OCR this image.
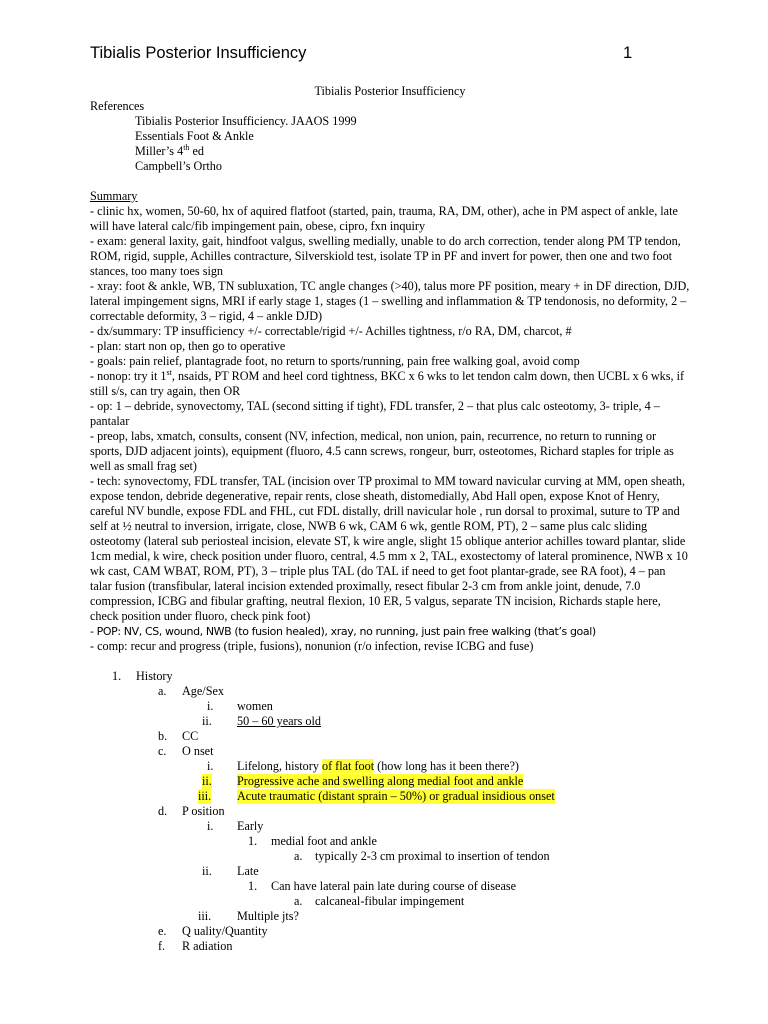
Tibialis Posterior Insufficiency	1
Tibialis Posterior Insufficiency
References
Tibialis Posterior Insufficiency. JAAOS 1999
Essentials Foot & Ankle
Miller’s 4th ed
Campbell’s Ortho
Summary
- clinic hx, women, 50-60, hx of aquired flatfoot (started, pain, trauma, RA, DM, other), ache in PM aspect of ankle, late will have lateral calc/fib impingement pain, obese, cipro, fxn inquiry
- exam: general laxity, gait, hindfoot valgus, swelling medially, unable to do arch correction, tender along PM TP tendon, ROM, rigid, supple, Achilles contracture, Silverskiold test, isolate TP in PF and invert for power, then one and two foot stances, too many toes sign
- xray: foot & ankle, WB, TN subluxation, TC angle changes (>40), talus more PF position, meary + in DF direction, DJD, lateral impingement signs, MRI if early stage 1, stages (1 – swelling and inflammation & TP tendonosis, no deformity, 2 – correctable deformity, 3 – rigid, 4 – ankle DJD)
- dx/summary: TP insufficiency +/- correctable/rigid +/- Achilles tightness, r/o RA, DM, charcot, #
- plan: start non op, then go to operative
- goals: pain relief, plantagrade foot, no return to sports/running, pain free walking goal, avoid comp
- nonop: try it 1st, nsaids, PT ROM and heel cord tightness, BKC x 6 wks to let tendon calm down, then UCBL x 6 wks, if still s/s, can try again, then OR
- op: 1 – debride, synovectomy, TAL (second sitting if tight), FDL transfer, 2 – that plus calc osteotomy, 3- triple, 4 – pantalar
- preop, labs, xmatch, consults, consent (NV, infection, medical, non union, pain, recurrence, no return to running or sports, DJD adjacent joints), equipment (fluoro, 4.5 cann screws, rongeur, burr, osteotomes, Richard staples for triple as well as small frag set)
- tech: synovectomy, FDL transfer, TAL (incision over TP proximal to MM toward navicular curving at MM, open sheath, expose tendon, debride degenerative, repair rents, close sheath, distomedially, Abd Hall open, expose Knot of Henry, careful NV bundle, expose FDL and FHL, cut FDL distally, drill navicular hole , run dorsal to proximal, suture to TP and self at ½ neutral to inversion, irrigate, close, NWB 6 wk, CAM 6 wk, gentle ROM, PT), 2 – same plus calc sliding osteotomy (lateral sub periosteal incision, elevate ST, k wire angle, slight 15 oblique anterior achilles toward plantar, slide 1cm medial, k wire, check position under fluoro, central, 4.5 mm x 2, TAL, exostectomy of lateral prominence, NWB x 10 wk cast, CAM WBAT, ROM, PT), 3 – triple plus TAL (do TAL if need to get foot plantar-grade, see RA foot), 4 – pan talar fusion (transfibular, lateral incision extended proximally, resect fibular 2-3 cm from ankle joint, denude, 7.0 compression, ICBG and fibular grafting, neutral flexion, 10 ER, 5 valgus, separate TN incision, Richards staple here, check position under fluoro, check pink foot)
- POP: NV, CS, wound, NWB (to fusion healed), xray, no running, just pain free walking (that’s goal)
- comp: recur and progress (triple, fusions), nonunion (r/o infection, revise ICBG and fuse)
1. History
a. Age/Sex
i. women
ii. 50 – 60 years old
b. CC
c. O nset
i. Lifelong, history of flat foot (how long has it been there?)
ii. Progressive ache and swelling along medial foot and ankle
iii. Acute traumatic (distant sprain – 50%) or gradual insidious onset
d. P osition
i. Early
1. medial foot and ankle
a. typically 2-3 cm proximal to insertion of tendon
ii. Late
1. Can have lateral pain late during course of disease
a. calcaneal-fibular impingement
iii. Multiple jts?
e. Q uality/Quantity
f. R adiation
